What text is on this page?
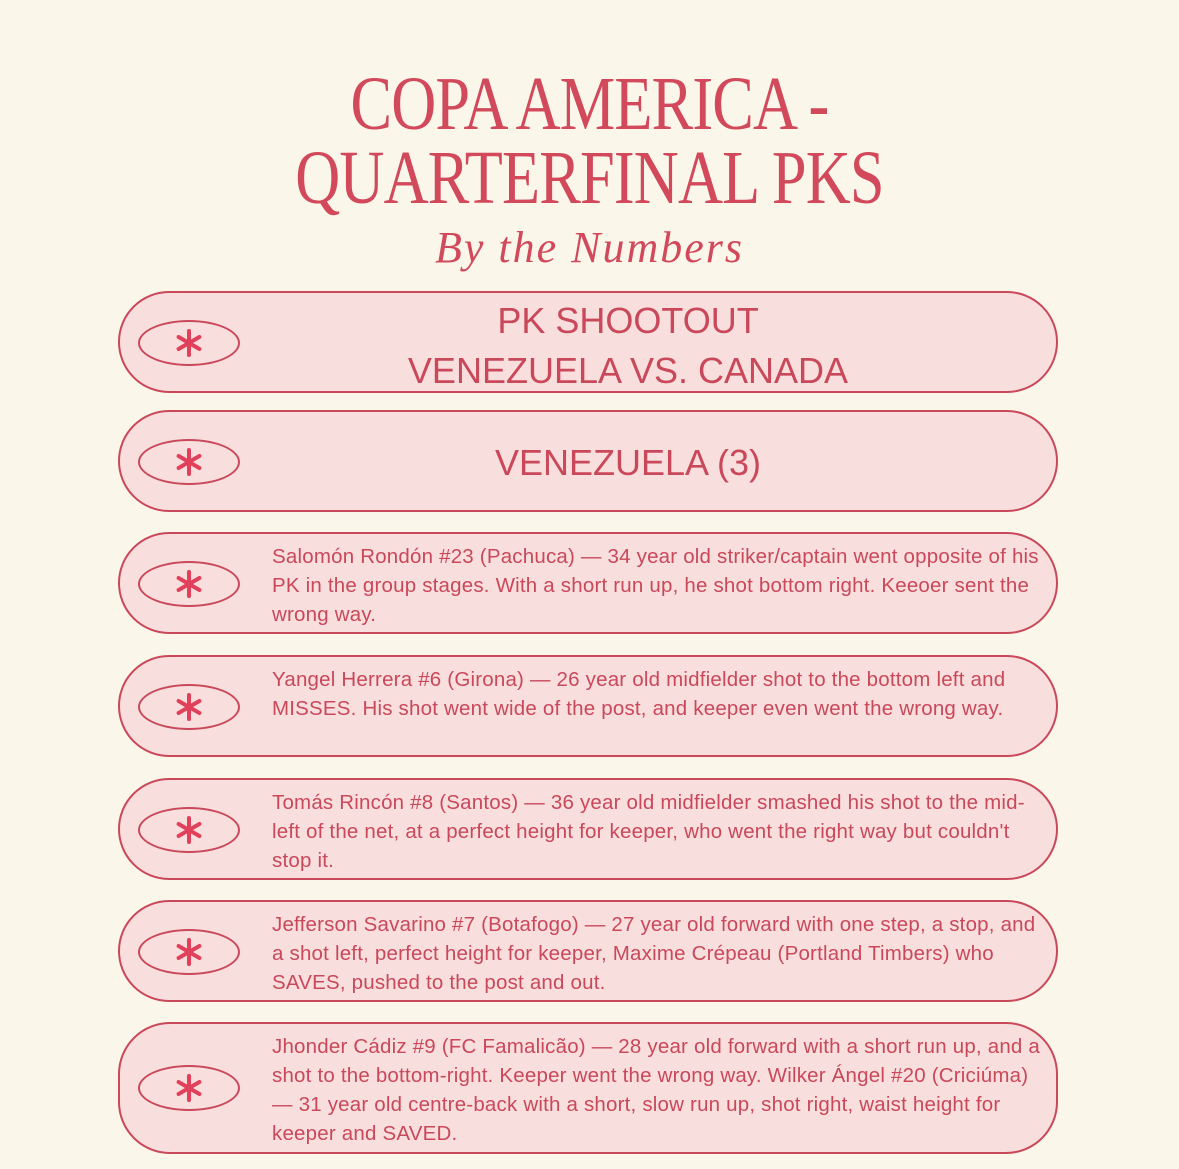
COPA AMERICA -
QUARTERFINAL PKS
By the Numbers
PK SHOOTOUT
VENEZUELA VS. CANADA
VENEZUELA (3)
Salomón Rondón #23 (Pachuca) — 34 year old striker/captain went opposite of his PK in the group stages. With a short run up, he shot bottom right. Keeoer sent the wrong way.
Yangel Herrera #6 (Girona) — 26 year old midfielder shot to the bottom left and MISSES. His shot went wide of the post, and keeper even went the wrong way.
Tomás Rincón #8 (Santos) — 36 year old midfielder smashed his shot to the mid-left of the net, at a perfect height for keeper, who went the right way but couldn't stop it.
Jefferson Savarino #7 (Botafogo) — 27 year old forward with one step, a stop, and a shot left, perfect height for keeper, Maxime Crépeau (Portland Timbers) who SAVES, pushed to the post and out.
Jhonder Cádiz #9 (FC Famalicão) — 28 year old forward with a short run up, and a shot to the bottom-right. Keeper went the wrong way. Wilker Ángel #20 (Criciúma) — 31 year old centre-back with a short, slow run up, shot right, waist height for keeper and SAVED.
